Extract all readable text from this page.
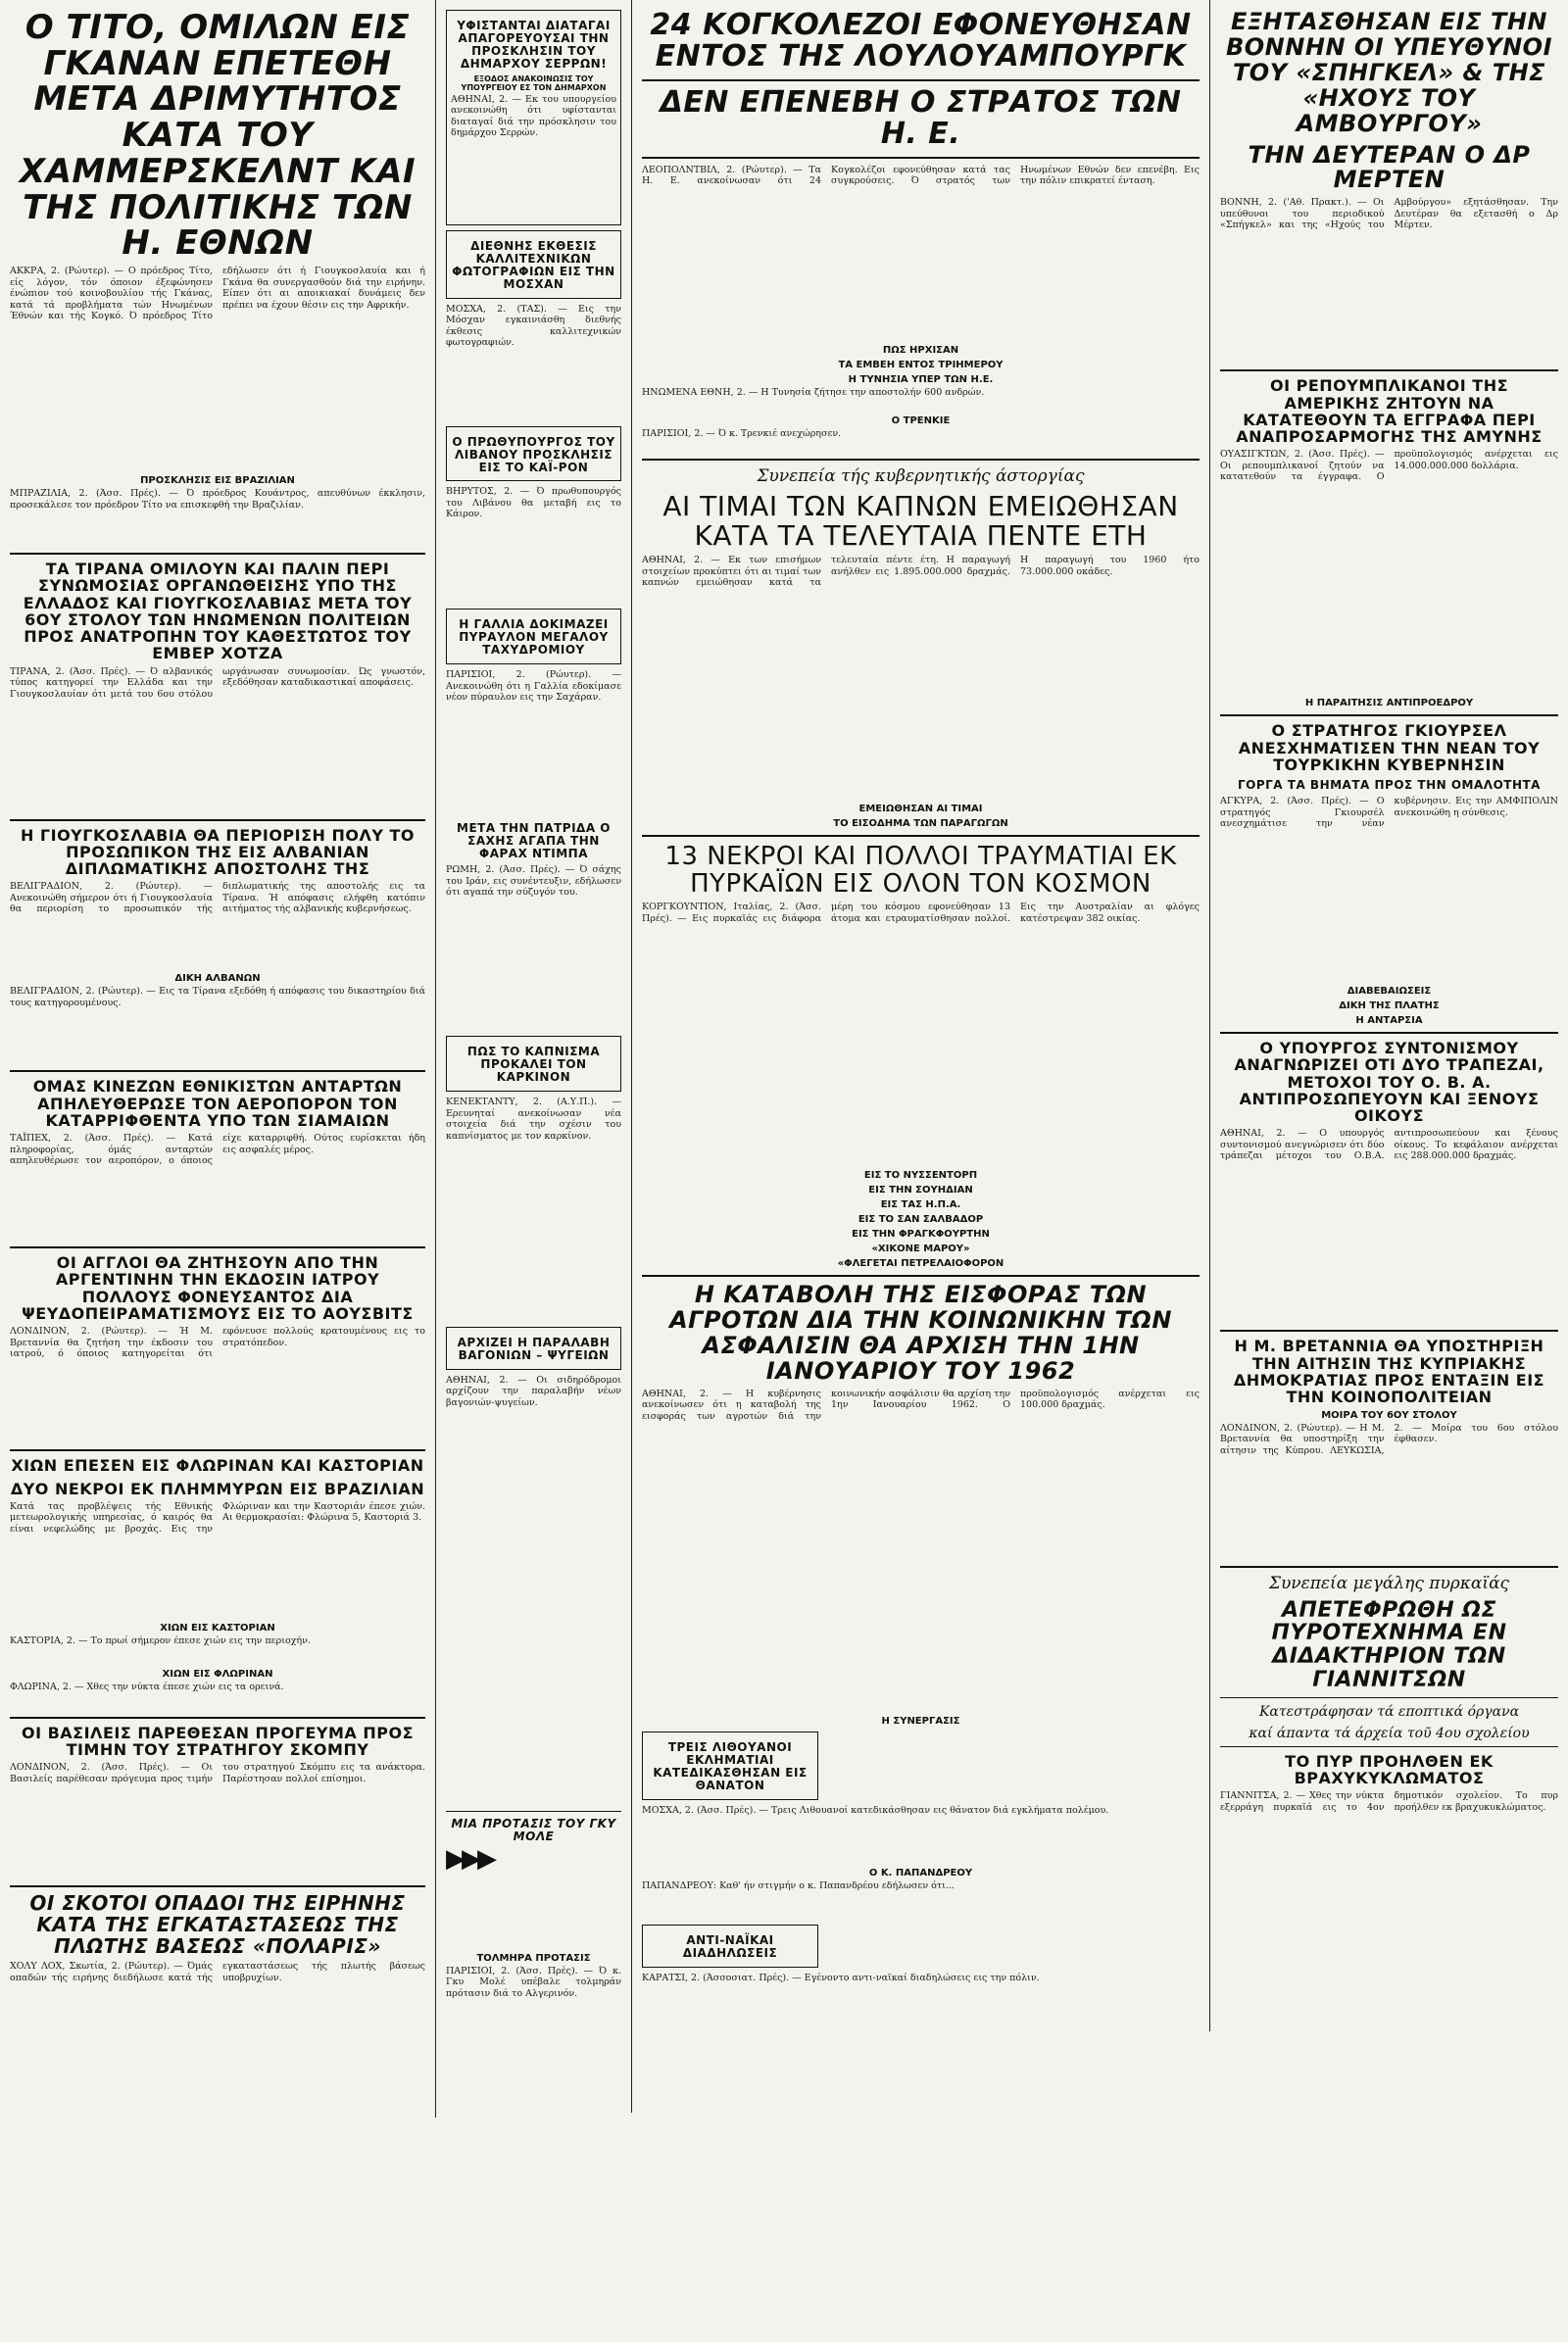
Ο ΤΙΤΟ, ΟΜΙΛΩΝ ΕΙΣ ΓΚΑΝΑΝ ΕΠΕΤΕΘΗ ΜΕΤΑ ΔΡΙΜΥΤΗΤΟΣ ΚΑΤΑ ΤΟΥ ΧΑΜΜΕΡΣΚΕΛΝΤ ΚΑΙ ΤΗΣ ΠΟΛΙΤΙΚΗΣ ΤΩΝ Η. ΕΘΝΩΝ
ΑΚΚΡΑ, 2. (Ρώυτερ). — Ο πρόεδρος Τίτο, είς λόγον, τόν όποιον έξεφώνησεν ένώπιον τού κοινοβουλίου τής Γκάνας, κατά τά προβλήματα τών Ηνωμένων Έθνών και τής Κογκό. Ό πρόεδρος Τίτο εδήλωσεν ότι ή Γιουγκοσλαυία και ή Γκάνα θα συνεργασθούν διά την ειρήνην. Είπεν ότι αι αποικιακαί δυνάμεις δεν πρέπει να έχουν θέσιν εις την Αφρικήν.
ΠΡΟΣΚΛΗΣΙΣ ΕΙΣ ΒΡΑΖΙΛΙΑΝ
ΜΠΡΑΖΙΛΙΑ, 2. (Άσσ. Πρές). — Ό πρόεδρος Κουάντρος, απευθύνων έκκλησιν, προσεκάλεσε τον πρόεδρον Τίτο να επισκεφθή την Βραζιλίαν.
ΤΑ ΤΙΡΑΝΑ ΟΜΙΛΟΥΝ ΚΑΙ ΠΑΛΙΝ ΠΕΡΙ ΣΥΝΩΜΟΣΙΑΣ ΟΡΓΑΝΩΘΕΙΣΗΣ ΥΠΟ ΤΗΣ ΕΛΛΑΔΟΣ ΚΑΙ ΓΙΟΥΓΚΟΣΛΑΒΙΑΣ ΜΕΤΑ ΤΟΥ 6ΟΥ ΣΤΟΛΟΥ ΤΩΝ ΗΝΩΜΕΝΩΝ ΠΟΛΙΤΕΙΩΝ ΠΡΟΣ ΑΝΑΤΡΟΠΗΝ ΤΟΥ ΚΑΘΕΣΤΩΤΟΣ ΤΟΥ ΕΜΒΕΡ ΧΟΤΖΑ
ΤΙΡΑΝΑ, 2. (Άσσ. Πρές). — Ό αλβανικός τύπος κατηγορεί την Ελλάδα και την Γιουγκοσλαυίαν ότι μετά του 6ου στόλου ωργάνωσαν συνωμοσίαν. Ώς γνωστόν, εξεδόθησαν καταδικαστικαί αποφάσεις.
Η ΓΙΟΥΓΚΟΣΛΑΒΙΑ ΘΑ ΠΕΡΙΟΡΙΣΗ ΠΟΛΥ ΤΟ ΠΡΟΣΩΠΙΚΟΝ ΤΗΣ ΕΙΣ ΑΛΒΑΝΙΑΝ ΔΙΠΛΩΜΑΤΙΚΗΣ ΑΠΟΣΤΟΛΗΣ ΤΗΣ
ΒΕΛΙΓΡΑΔΙΟΝ, 2. (Ρώυτερ). — Ανεκοινώθη σήμερον ότι ή Γιουγκοσλαυία θα περιορίση το προσωπικόν τής διπλωματικής της αποστολής εις τα Τίρανα. Ή απόφασις ελήφθη κατόπιν αιτήματος τής αλβανικής κυβερνήσεως.
ΔΙΚΗ ΑΛΒΑΝΩΝ
ΒΕΛΙΓΡΑΔΙΟΝ, 2. (Ρώυτερ). — Εις τα Τίρανα εξεδόθη ή απόφασις του δικαστηρίου διά τους κατηγορουμένους.
ΟΜΑΣ ΚΙΝΕΖΩΝ ΕΘΝΙΚΙΣΤΩΝ ΑΝΤΑΡΤΩΝ ΑΠΗΛΕΥΘΕΡΩΣΕ ΤΟΝ ΑΕΡΟΠΟΡΟΝ ΤΟΝ ΚΑΤΑΡΡΙΦΘΕΝΤΑ ΥΠΟ ΤΩΝ ΣΙΑΜΑΙΩΝ
ΤΑΪΠΕΧ, 2. (Άσσ. Πρές). — Κατά πληροφορίας, όμάς ανταρτών απηλευθέρωσε τον αεροπόρον, ο όποιος είχε καταρριφθή. Ούτος ευρίσκεται ήδη εις ασφαλές μέρος.
ΟΙ ΑΓΓΛΟΙ ΘΑ ΖΗΤΗΣΟΥΝ ΑΠΟ ΤΗΝ ΑΡΓΕΝΤΙΝΗΝ ΤΗΝ ΕΚΔΟΣΙΝ ΙΑΤΡΟΥ ΠΟΛΛΟΥΣ ΦΟΝΕΥΣΑΝΤΟΣ ΔΙΑ ΨΕΥΔΟΠΕΙΡΑΜΑΤΙΣΜΟΥΣ ΕΙΣ ΤΟ ΑΟΥΣΒΙΤΣ
ΛΟΝΔΙΝΟΝ, 2. (Ρώυτερ). — Ή Μ. Βρεταννία θα ζητήση την έκδοσιν του ιατρού, ό όποιος κατηγορείται ότι εφόνευσε πολλούς κρατουμένους εις το στρατόπεδον.
ΧΙΩΝ ΕΠΕΣΕΝ ΕΙΣ ΦΛΩΡΙΝΑΝ ΚΑΙ ΚΑΣΤΟΡΙΑΝ
ΔΥΟ ΝΕΚΡΟΙ ΕΚ ΠΛΗΜΜΥΡΩΝ ΕΙΣ ΒΡΑΖΙΛΙΑΝ
Κατά τας προβλέψεις τής Εθνικής μετεωρολογικής υπηρεσίας, ό καιρός θα είναι νεφελώδης με βροχάς. Εις την Φλώριναν και την Καστοριάν έπεσε χιών. Αι θερμοκρασίαι: Φλώρινα 5, Καστοριά 3.
ΧΙΩΝ ΕΙΣ ΚΑΣΤΟΡΙΑΝ
ΚΑΣΤΟΡΙΑ, 2. — Το πρωί σήμερον έπεσε χιών εις την περιοχήν.
ΧΙΩΝ ΕΙΣ ΦΛΩΡΙΝΑΝ
ΦΛΩΡΙΝΑ, 2. — Χθες την νύκτα έπεσε χιών εις τα ορεινά.
ΟΙ ΒΑΣΙΛΕΙΣ ΠΑΡΕΘΕΣΑΝ ΠΡΟΓΕΥΜΑ ΠΡΟΣ ΤΙΜΗΝ ΤΟΥ ΣΤΡΑΤΗΓΟΥ ΣΚΟΜΠΥ
ΛΟΝΔΙΝΟΝ, 2. (Άσσ. Πρές). — Οι Βασιλείς παρέθεσαν πρόγευμα προς τιμήν του στρατηγού Σκόμπυ εις τα ανάκτορα. Παρέστησαν πολλοί επίσημοι.
ΟΙ ΣΚΟΤΟΙ ΟΠΑΔΟΙ ΤΗΣ ΕΙΡΗΝΗΣ ΚΑΤΑ ΤΗΣ ΕΓΚΑΤΑΣΤΑΣΕΩΣ ΤΗΣ ΠΛΩΤΗΣ ΒΑΣΕΩΣ «ΠΟΛΑΡΙΣ»
ΧΟΛΥ ΛΟΧ, Σκωτία, 2. (Ρώυτερ). — Όμάς οπαδών τής ειρήνης διεδήλωσε κατά τής εγκαταστάσεως τής πλωτής βάσεως υποβρυχίων.
ΥΦΙΣΤΑΝΤΑΙ ΔΙΑΤΑΓΑΙ ΑΠΑΓΟΡΕΥΟΥΣΑΙ ΤΗΝ ΠΡΟΣΚΛΗΣΙΝ ΤΟΥ ΔΗΜΑΡΧΟΥ ΣΕΡΡΩΝ!
ΕΞΟΔΟΣ ΑΝΑΚΟΙΝΩΣΙΣ ΤΟΥ ΥΠΟΥΡΓΕΙΟΥ ΕΣ ΤΟΝ ΔΗΜΑΡΧΟΝ
ΑΘΗΝΑΙ, 2. — Εκ του υπουργείου ανεκοινώθη ότι υφίστανται διαταγαί διά την πρόσκλησιν του δημάρχου Σερρών.
ΔΙΕΘΝΗΣ ΕΚΘΕΣΙΣ ΚΑΛΛΙΤΕΧΝΙΚΩΝ ΦΩΤΟΓΡΑΦΙΩΝ ΕΙΣ ΤΗΝ ΜΟΣΧΑΝ
ΜΟΣΧΑ, 2. (ΤΑΣ). — Εις την Μόσχαν εγκαινιάσθη διεθνής έκθεσις καλλιτεχνικών φωτογραφιών.
Ο ΠΡΩΘΥΠΟΥΡΓΟΣ ΤΟΥ ΛΙΒΑΝΟΥ ΠΡΟΣΚΛΗΣΙΣ ΕΙΣ ΤΟ ΚΑΪ-ΡΟΝ
ΒΗΡΥΤΟΣ, 2. — Ό πρωθυπουργός του Λιβάνου θα μεταβή εις το Κάιρον.
Η ΓΑΛΛΙΑ ΔΟΚΙΜΑΖΕΙ ΠΥΡΑΥΛΟΝ ΜΕΓΑΛΟΥ ΤΑΧΥΔΡΟΜΙΟΥ
ΠΑΡΙΣΙΟΙ, 2. (Ρώυτερ). — Ανεκοινώθη ότι η Γαλλία εδοκίμασε νέον πύραυλον εις την Σαχάραν.
ΜΕΤΑ ΤΗΝ ΠΑΤΡΙΔΑ Ο ΣΑΧΗΣ ΑΓΑΠΑ ΤΗΝ ΦΑΡΑΧ ΝΤΙΜΠΑ
ΡΩΜΗ, 2. (Άσσ. Πρές). — Ό σάχης του Ιράν, εις συνέντευξιν, εδήλωσεν ότι αγαπά την σύζυγόν του.
ΠΩΣ ΤΟ ΚΑΠΝΙΣΜΑ ΠΡΟΚΑΛΕΙ ΤΟΝ ΚΑΡΚΙΝΟΝ
ΚΕΝΕΚΤΑΝΤΥ, 2. (Α.Υ.Π.). — Ερευνηταί ανεκοίνωσαν νέα στοιχεία διά την σχέσιν του καπνίσματος με τον καρκίνον.
ΑΡΧΙΖΕΙ Η ΠΑΡΑΛΑΒΗ ΒΑΓΟΝΙΩΝ – ΨΥΓΕΙΩΝ
ΑΘΗΝΑΙ, 2. — Οι σιδηρόδρομοι αρχίζουν την παραλαβήν νέων βαγονιών-ψυγείων.
ΜΙΑ ΠΡΟΤΑΣΙΣ ΤΟΥ ΓΚΥ ΜΟΛΕ
▶▶▶
ΤΟΛΜΗΡΑ ΠΡΟΤΑΣΙΣ
ΠΑΡΙΣΙΟΙ, 2. (Άσσ. Πρές). — Ό κ. Γκυ Μολέ υπέβαλε τολμηράν πρότασιν διά το Αλγερινόν.
24 ΚΟΓΚΟΛΕΖΟΙ ΕΦΟΝΕΥΘΗΣΑΝ ΕΝΤΟΣ ΤΗΣ ΛΟΥΛΟΥΑΜΠΟΥΡΓΚ
ΔΕΝ ΕΠΕΝΕΒΗ Ο ΣΤΡΑΤΟΣ ΤΩΝ Η. Ε.
ΛΕΟΠΟΛΝΤΒΙΛ, 2. (Ρώυτερ). — Τα Η. Ε. ανεκοίνωσαν ότι 24 Κογκολέζοι εφονεύθησαν κατά τας συγκρούσεις. Ό στρατός των Ηνωμένων Εθνών δεν επενέβη. Εις την πόλιν επικρατεί ένταση.
ΠΩΣ ΗΡΧΙΣΑΝ
ΤΑ ΕΜΒΕΗ ΕΝΤΟΣ ΤΡΙΗΜΕΡΟΥ
Η ΤΥΝΗΣΙΑ ΥΠΕΡ ΤΩΝ Η.Ε.
ΗΝΩΜΕΝΑ ΕΘΝΗ, 2. — Η Τυνησία ζήτησε την αποστολήν 600 ανδρών.
Ο ΤΡΕΝΚΙΕ
ΠΑΡΙΣΙΟΙ, 2. — Ό κ. Τρενκιέ ανεχώρησεν.
Συνεπεία τής κυβερνητικής άστοργίας
ΑΙ ΤΙΜΑΙ ΤΩΝ ΚΑΠΝΩΝ ΕΜΕΙΩΘΗΣΑΝ ΚΑΤΑ ΤΑ ΤΕΛΕΥΤΑΙΑ ΠΕΝΤΕ ΕΤΗ
ΑΘΗΝΑΙ, 2. — Εκ των επισήμων στοιχείων προκύπτει ότι αι τιμαί των καπνών εμειώθησαν κατά τα τελευταία πέντε έτη. Η παραγωγή ανήλθεν εις 1.895.000.000 δραχμάς. Η παραγωγή του 1960 ήτο 73.000.000 οκάδες.
ΕΜΕΙΩΘΗΣΑΝ ΑΙ ΤΙΜΑΙ
ΤΟ ΕΙΣΟΔΗΜΑ ΤΩΝ ΠΑΡΑΓΩΓΩΝ
13 ΝΕΚΡΟΙ ΚΑΙ ΠΟΛΛΟΙ ΤΡΑΥΜΑΤΙΑΙ ΕΚ ΠΥΡΚΑΪΩΝ ΕΙΣ ΟΛΟΝ ΤΟΝ ΚΟΣΜΟΝ
ΚΟΡΓΚΟΥΝΤΙΟΝ, Ιταλίας, 2. (Άσσ. Πρές). — Εις πυρκαϊάς εις διάφορα μέρη του κόσμου εφονεύθησαν 13 άτομα και ετραυματίσθησαν πολλοί. Εις την Αυστραλίαν αι φλόγες κατέστρεψαν 382 οικίας.
ΕΙΣ ΤΟ ΝΥΣΣΕΝΤΟΡΠ
ΕΙΣ ΤΗΝ ΣΟΥΗΔΙΑΝ
ΕΙΣ ΤΑΣ Η.Π.Α.
ΕΙΣ ΤΟ ΣΑΝ ΣΑΛΒΑΔΟΡ
ΕΙΣ ΤΗΝ ΦΡΑΓΚΦΟΥΡΤΗΝ
«ΧΙΚΟΝΕ ΜΑΡΟΥ»
«ΦΛΕΓΕΤΑΙ ΠΕΤΡΕΛΑΙΟΦΟΡΟΝ
Η ΚΑΤΑΒΟΛΗ ΤΗΣ ΕΙΣΦΟΡΑΣ ΤΩΝ ΑΓΡΟΤΩΝ ΔΙΑ ΤΗΝ ΚΟΙΝΩΝΙΚΗΝ ΤΩΝ ΑΣΦΑΛΙΣΙΝ ΘΑ ΑΡΧΙΣΗ ΤΗΝ 1ΗΝ ΙΑΝΟΥΑΡΙΟΥ ΤΟΥ 1962
ΑΘΗΝΑΙ, 2. — Η κυβέρνησις ανεκοίνωσεν ότι η καταβολή της εισφοράς των αγροτών διά την κοινωνικήν ασφάλισιν θα αρχίση την 1ην Ιανουαρίου 1962. Ο προϋπολογισμός ανέρχεται εις 100.000 δραχμάς.
Η ΣΥΝΕΡΓΑΣΙΣ
ΤΡΕΙΣ ΛΙΘΟΥΑΝΟΙ ΕΚΛΗΜΑΤΙΑΙ ΚΑΤΕΔΙΚΑΣΘΗΣΑΝ ΕΙΣ ΘΑΝΑΤΟΝ
ΜΟΣΧΑ, 2. (Άσσ. Πρές). — Τρεις Λιθουανοί κατεδικάσθησαν εις θάνατον διά εγκλήματα πολέμου.
Ο Κ. ΠΑΠΑΝΔΡΕΟΥ
ΠΑΠΑΝΔΡΕΟΥ: Καθ' ήν στιγμήν ο κ. Παπανδρέου εδήλωσεν ότι...
ΑΝΤΙ-ΝΑΪΚΑΙ ΔΙΑΔΗΛΩΣΕΙΣ
ΚΑΡΑΤΣΙ, 2. (Άσσοσιατ. Πρές). — Εγένοντο αντι-ναϊκαί διαδηλώσεις εις την πόλιν.
ΕΞΗΤΑΣΘΗΣΑΝ ΕΙΣ ΤΗΝ ΒΟΝΝΗΝ ΟΙ ΥΠΕΥΘΥΝΟΙ ΤΟΥ «ΣΠΗΓΚΕΛ» & ΤΗΣ «ΗΧΟΥΣ ΤΟΥ ΑΜΒΟΥΡΓΟΥ»
ΤΗΝ ΔΕΥΤΕΡΑΝ Ο ΔΡ ΜΕΡΤΕΝ
ΒΟΝΝΗ, 2. ('Αθ. Πρακτ.). — Οι υπεύθυνοι του περιοδικού «Σπήγκελ» και της «Ηχούς του Αμβούργου» εξητάσθησαν. Την Δευτέραν θα εξετασθή ο Δρ Μέρτεν.
ΟΙ ΡΕΠΟΥΜΠΛΙΚΑΝΟΙ ΤΗΣ ΑΜΕΡΙΚΗΣ ΖΗΤΟΥΝ ΝΑ ΚΑΤΑΤΕΘΟΥΝ ΤΑ ΕΓΓΡΑΦΑ ΠΕΡΙ ΑΝΑΠΡΟΣΑΡΜΟΓΗΣ ΤΗΣ ΑΜΥΝΗΣ
ΟΥΑΣΙΓΚΤΩΝ, 2. (Άσσ. Πρές). — Οι ρεπουμπλικανοί ζητούν να κατατεθούν τα έγγραφα. Ο προϋπολογισμός ανέρχεται εις 14.000.000.000 δολλάρια.
Η ΠΑΡΑΙΤΗΣΙΣ ΑΝΤΙΠΡΟΕΔΡΟΥ
Ο ΣΤΡΑΤΗΓΟΣ ΓΚΙΟΥΡΣΕΛ ΑΝΕΣΧΗΜΑΤΙΣΕΝ ΤΗΝ ΝΕΑΝ ΤΟΥ ΤΟΥΡΚΙΚΗΝ ΚΥΒΕΡΝΗΣΙΝ
ΓΟΡΓΑ ΤΑ ΒΗΜΑΤΑ ΠΡΟΣ ΤΗΝ ΟΜΑΛΟΤΗΤΑ
ΑΓΚΥΡΑ, 2. (Άσσ. Πρές). — Ο στρατηγός Γκιουρσέλ ανεσχημάτισε την νέαν κυβέρνησιν. Εις την ΑΜΦΙΠΟΛΙΝ ανεκοινώθη η σύνθεσις.
ΔΙΑΒΕΒΑΙΩΣΕΙΣ
ΔΙΚΗ ΤΗΣ ΠΛΑΤΗΣ
Η ΑΝΤΑΡΣΙΑ
Ο ΥΠΟΥΡΓΟΣ ΣΥΝΤΟΝΙΣΜΟΥ ΑΝΑΓΝΩΡΙΖΕΙ ΟΤΙ ΔΥΟ ΤΡΑΠΕΖΑΙ, ΜΕΤΟΧΟΙ ΤΟΥ Ο. Β. Α. ΑΝΤΙΠΡΟΣΩΠΕΥΟΥΝ ΚΑΙ ΞΕΝΟΥΣ ΟΙΚΟΥΣ
ΑΘΗΝΑΙ, 2. — Ο υπουργός συντονισμού ανεγνώρισεν ότι δύο τράπεζαι μέτοχοι του Ο.Β.Α. αντιπροσωπεύουν και ξένους οίκους. Το κεφάλαιον ανέρχεται εις 288.000.000 δραχμάς.
Η Μ. ΒΡΕΤΑΝΝΙΑ ΘΑ ΥΠΟΣΤΗΡΙΞΗ ΤΗΝ ΑΙΤΗΣΙΝ ΤΗΣ ΚΥΠΡΙΑΚΗΣ ΔΗΜΟΚΡΑΤΙΑΣ ΠΡΟΣ ΕΝΤΑΞΙΝ ΕΙΣ ΤΗΝ ΚΟΙΝΟΠΟΛΙΤΕΙΑΝ
ΜΟΙΡΑ ΤΟΥ 6ΟΥ ΣΤΟΛΟΥ
ΛΟΝΔΙΝΟΝ, 2. (Ρώυτερ). — Η Μ. Βρεταννία θα υποστηρίξη την αίτησιν της Κύπρου. ΛΕΥΚΩΣΙΑ, 2. — Μοίρα του 6ου στόλου έφθασεν.
Συνεπεία μεγάλης πυρκαϊάς
ΑΠΕΤΕΦΡΩΘΗ ΩΣ ΠΥΡΟΤΕΧΝΗΜΑ ΕΝ ΔΙΔΑΚΤΗΡΙΟΝ ΤΩΝ ΓΙΑΝΝΙΤΣΩΝ
Κατεστράφησαν τά εποπτικά όργανα
καί άπαντα τά άρχεία τοῦ 4ου σχολείου
ΤΟ ΠΥΡ ΠΡΟΗΛΘΕΝ ΕΚ ΒΡΑΧΥΚΥΚΛΩΜΑΤΟΣ
ΓΙΑΝΝΙΤΣΑ, 2. — Χθες την νύκτα εξερράγη πυρκαϊά εις το 4ον δημοτικόν σχολείον. Το πυρ προήλθεν εκ βραχυκυκλώματος.
